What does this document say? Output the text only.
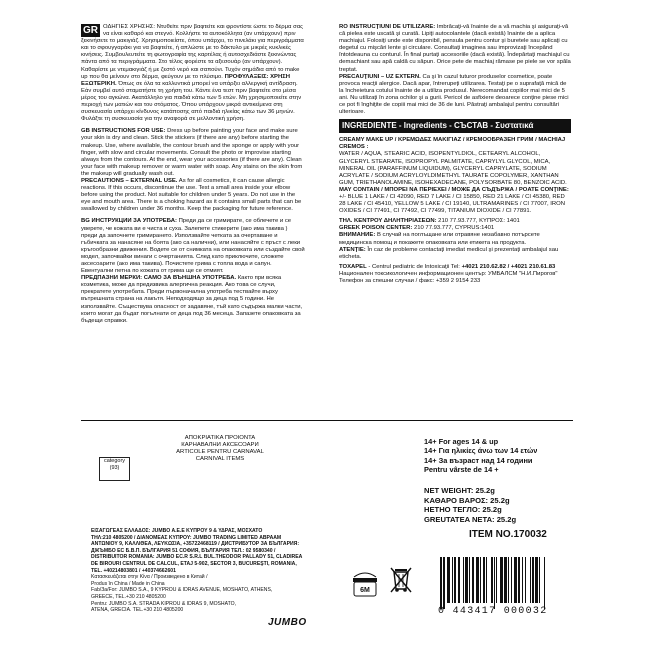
GR ΟΔΗΓΙΕΣ ΧΡΗΣΗΣ: Ντυθείτε πριν βαφτείτε και φροντίστε ώστε το δέρμα σας να είναι καθαρό και στεγνό. Κολλήστε τα αυτοκόλλητα (αν υπάρχουν) πριν ξεκινήσετε το μακιγιάζ. Χρησιμοποιείστε, όπου υπάρχει, το πινελάκι για περιγράμματα και το σφουγγαράκι για να βαφτείτε, ή απλώστε με το δάκτυλο με μικρές κυκλικές κινήσεις. Συμβουλευτείτε τη φωτογραφία της καρτέλας ή αυτοσχεδιάστε ξεκινώντας πάντα από τα περιγράμματα. Στο τέλος φορέστε τα αξεσουάρ (αν υπάρχουν). Καθαρίστε με ντεμακιγιάζ ή με ζεστό νερό και σαπούνι. Τυχόν σημάδια από το make up που θα μείνουν στο δέρμα, φεύγουν με το πλύσιμο. ΠΡΟΦΥΛΑΞΕΙΣ: ΧΡΗΣΗ ΕΞΩΤΕΡΙΚΗ. Όπως σε όλα τα καλλυντικά μπορεί να υπάρξει αλλεργική αντίδραση. Εάν συμβεί αυτό σταματήστε τη χρήση του. Κάντε ένα τεστ πριν βαφτείτε στο μέσα μέρος του αγκώνα. Ακατάλληλο για παιδιά κάτω των 5 ετών. Μη χρησιμοποιείτε στην περιοχή των ματιών και του στόματος. Όπου υπάρχουν μικρά αντικείμενα στη συσκευασία υπάρχει κίνδυνος κατάποσης από παιδιά ηλικίας κάτω των 36 μηνών. Φυλάξτε τη συσκευασία για την αναφορά σε μελλοντική χρήση.

GB INSTRUCTIONS FOR USE: Dress up before painting your face and make sure your skin is dry and clean. Stick the stickers (if there are any) before starting the makeup. Use, where available, the contour brush and the sponge or apply with your finger, with slow and circular movements. Consult the photo or improvise starting always from the contours. At the end, wear your accessories (if there are any). Clean your face with makeup remover or warm water with soap. Any stains on the skin from the makeup will gradually wash out.

PRECAUTIONS – EXTERNAL USE. As for all cosmetics, it can cause allergic reactions. If this occurs, discontinue the use. Test a small area inside your elbow before using the product. Not suitable for children under 5 years. Do not use in the eye and mouth area. There is a choking hazard as it contains small parts that can be swallowed by children under 36 months. Keep the packaging for future reference.

BG ИНСТРУКЦИИ ЗА УПОТРЕБА: Преди да се гримирате, се облечете и се уверете, че кожата ви е чиста и суха. Залепете стикерите (ако има такива ) преди да започнете гримирането. Използвайте четката за очертаване и гъбичката за нанасяне на боята (ако са налични), или нанасяйте с пръст с леки кръгообразни движения. Водете се от снимката на опаковката или създайте свой модел, започвайки винаги с очертанията. След като приключите, сложете аксесоарите (ако има такива). Почистете грима с топла вода и сапун. Евентуални петна по кожата от грима ще се отмият.

ПРЕДПАЗНИ МЕРКИ: САМО ЗА ВЪНШНА УПОТРЕБА. Както при всяка козметика, може да предизвика алергична реакция. Ако това се случи, прекратете употребата. Преди първоначална употреба тествайте върху вътрешната страна на лакътя. Неподходящо за деца под 5 години. Не използвайте. Съществува опасност от задавяне, тъй като съдържа малки части, които могат да бъдат погълнати от деца под 36 месеца. Запазете опаковката за бъдещи справки.

RO INSTRUCŢIUNI DE UTILIZARE: Îmbrăcaţi-vă înainte de a vă machia şi asiguraţi-vă că pielea este uscată şi curată. Lipiţi autocolantele (dacă există) înainte de a aplica machiajul. Folosiţi unde este disponibil, pensula pentru contur şi buretele sau aplicaţi cu degetul cu mişcări lente şi circulare. Consultaţi imaginea sau improvizaţi începând întotdeauna cu conturul. În final purtaţi accesoriile (dacă există). Îndepărtaţi machiajul cu demachiant sau apă caldă cu săpun. Orice pete de machiaj rămase pe piele se vor spăla treptat.

PRECAUŢIUNI – UZ EXTERN. Ca şi în cazul tuturor produselor cosmetice, poate provoca reacţii alergice. Dacă apar, întrerupeţi utilizarea. Testaţi pe o suprafaţă mică de la încheietura cotului înainte de a utiliza produsul. Nerecomandat copiilor mai mici de 5 ani. Nu utilizaţi în zona ochilor şi a gurii. Pericol de asfixiere deoarece conţine piese mici ce pot fi înghiţite de copiii mai mici de 36 de luni. Păstraţi ambalajul pentru consultări ulterioare.

INGREDIENTE - Ingredients - СЪСТАВ - Συστατικά

CREAMY MAKE UP / ΚΡΕΜΩΔΕΣ ΜΑΚΙΓΙΑΖ / КРЕМООБРАЗЕН ГРИМ / MACHIAJ CREMOS :

WATER / AQUA, STEARIC ACID, ISOPENTYLDIOL, CETEARYL ALCOHOL, GLYCERYL STEARATE, ISOPROPYL PALMITATE, CAPRYLYL GLYCOL, MICA, MINERAL OIL (PARAFFINUM LIQUIDUM), GLYCERYL CAPRYLATE, SODIUM ACRYLATE / SODIUM ACRYLOYLDIMETHYL TAURATE COPOLYMER, XANTHAN GUM, TRIETHANOLAMINE, ISOHEXADECANE, POLYSORBATE 80, BENZOIC ACID.

MAY CONTAIN / ΜΠΟΡΕΙ ΝΑ ΠΕΡΙΕΧΕΙ / МОЖЕ ДА СЪДЪРЖА / POATE CONŢINE:

+/- BLUE 1 LAKE / CI 42090, RED 7 LAKE / CI 15850, RED 21 LAKE / CI 45380, RED 28 LAKE / CI 45410, YELLOW 5 LAKE / CI 19140, ULTRAMARINES / CI 77007, IRON OXIDES / CI 77491, CI 77492, CI 77499, TITANIUM DIOXIDE / CI 77891.

ΤΗΛ. ΚΕΝΤΡΟΥ ΔΗΛΗΤΗΡΙΑΣΕΩΝ: 210 77.93.777, ΚΥΠΡΟΣ: 1401

GREEK POISON CENTER: 210 77.93.777, CYPRUS:1401

ВНИМАНИЕ: В случай на поглъщане или отравяне незабавно потърсете медицинска помощ и покажете опаковката или етикета на продукта.

ATENŢIE: În caz de probleme contactaţi imediat medicul şi prezentaţi ambalajul sau eticheta.

TOXAPEL - Centrul pediatric de Intoxicaţii Tel: +4021 210.62.82 / +4021 210.61.83

Национален токсикологичен информационен център: УМБАЛСМ "Н.И.Пирогов"

Телефон за спешни случаи / факс: +359 2 9154 233

category
(93)
ΑΠΟΚΡΙΑΤΙΚΑ ΠΡΟΪΟΝΤΑ
КАРНАВАЛНИ АКСЕСОАРИ
ARTICOLE PENTRU CARNAVAL
CARNIVAL ITEMS
ΕΙΣΑΓΩΓΕΑΣ ΕΛΛΑΔΟΣ: JUMBO A.E.Ε ΚΥΠΡΟΥ 9 & ΥΔΡΑΣ, ΜΟΣΧΑΤΟ
ΤΗΛ:210 4805200 / ΔΙΑΝΟΜΕΑΣ ΚΥΠΡΟΥ: JUMBO TRADING LIMITED ΑΒΡΑΑΜ
ΑΝΤΩΝΙΟΥ 9, ΚΑΛΛΙΘΕΑ, ΛΕΥΚΩΣΙΑ, +35722468119 / ДИСТРИБУТОР ЗА БЪЛГАРИЯ:
ДЖЪМБО ЕС Б.В.П. БЪЛГАРИЯ 51 СОФИЯ, БЪЛГАРИЯ ТЕЛ.: 02 9580340 /
DISTRIBUITOR ROMANIA: JUMBO EC.R S.R.L BUL.THEODOR PALLADY 51, CLADIREA
DE BIROURI CENTRUL DE CALCUL, ETAJ 5-902, SECTOR 3, BUCUREŞTI, ROMANIA,
TEL. +40214803801 / +40374662601
Κατασκευάζεται στην Κίνα / Произведено в Китай /
Produs în China / Made in China
Fab/Зa/For: JUMBO S.A., 9 KYPROU & IDRAS AVENUE, MOSHATO, ATHENS,
GREECE, TEL.+30 210 4805200
Pentru: JUMBO S.A. STRADA KIPROU & IDRAS 9, MOSHATO,
ATENA, GRECIA. TEL.+30 210 4805200
JUMBO
14+ For ages 14 & up
14+ Για ηλικίες άνω των 14 ετών
14+ За възраст над 14 години
Pentru vârste de 14 +
NET WEIGHT: 25.2g
ΚΑΘΑΡΟ ΒΑΡΟΣ: 25.2g
НЕТНО ТЕГЛО: 25.2g
GREUTATEA NETA: 25.2g
ITEM NO.170032
6M
0 443417 000032
